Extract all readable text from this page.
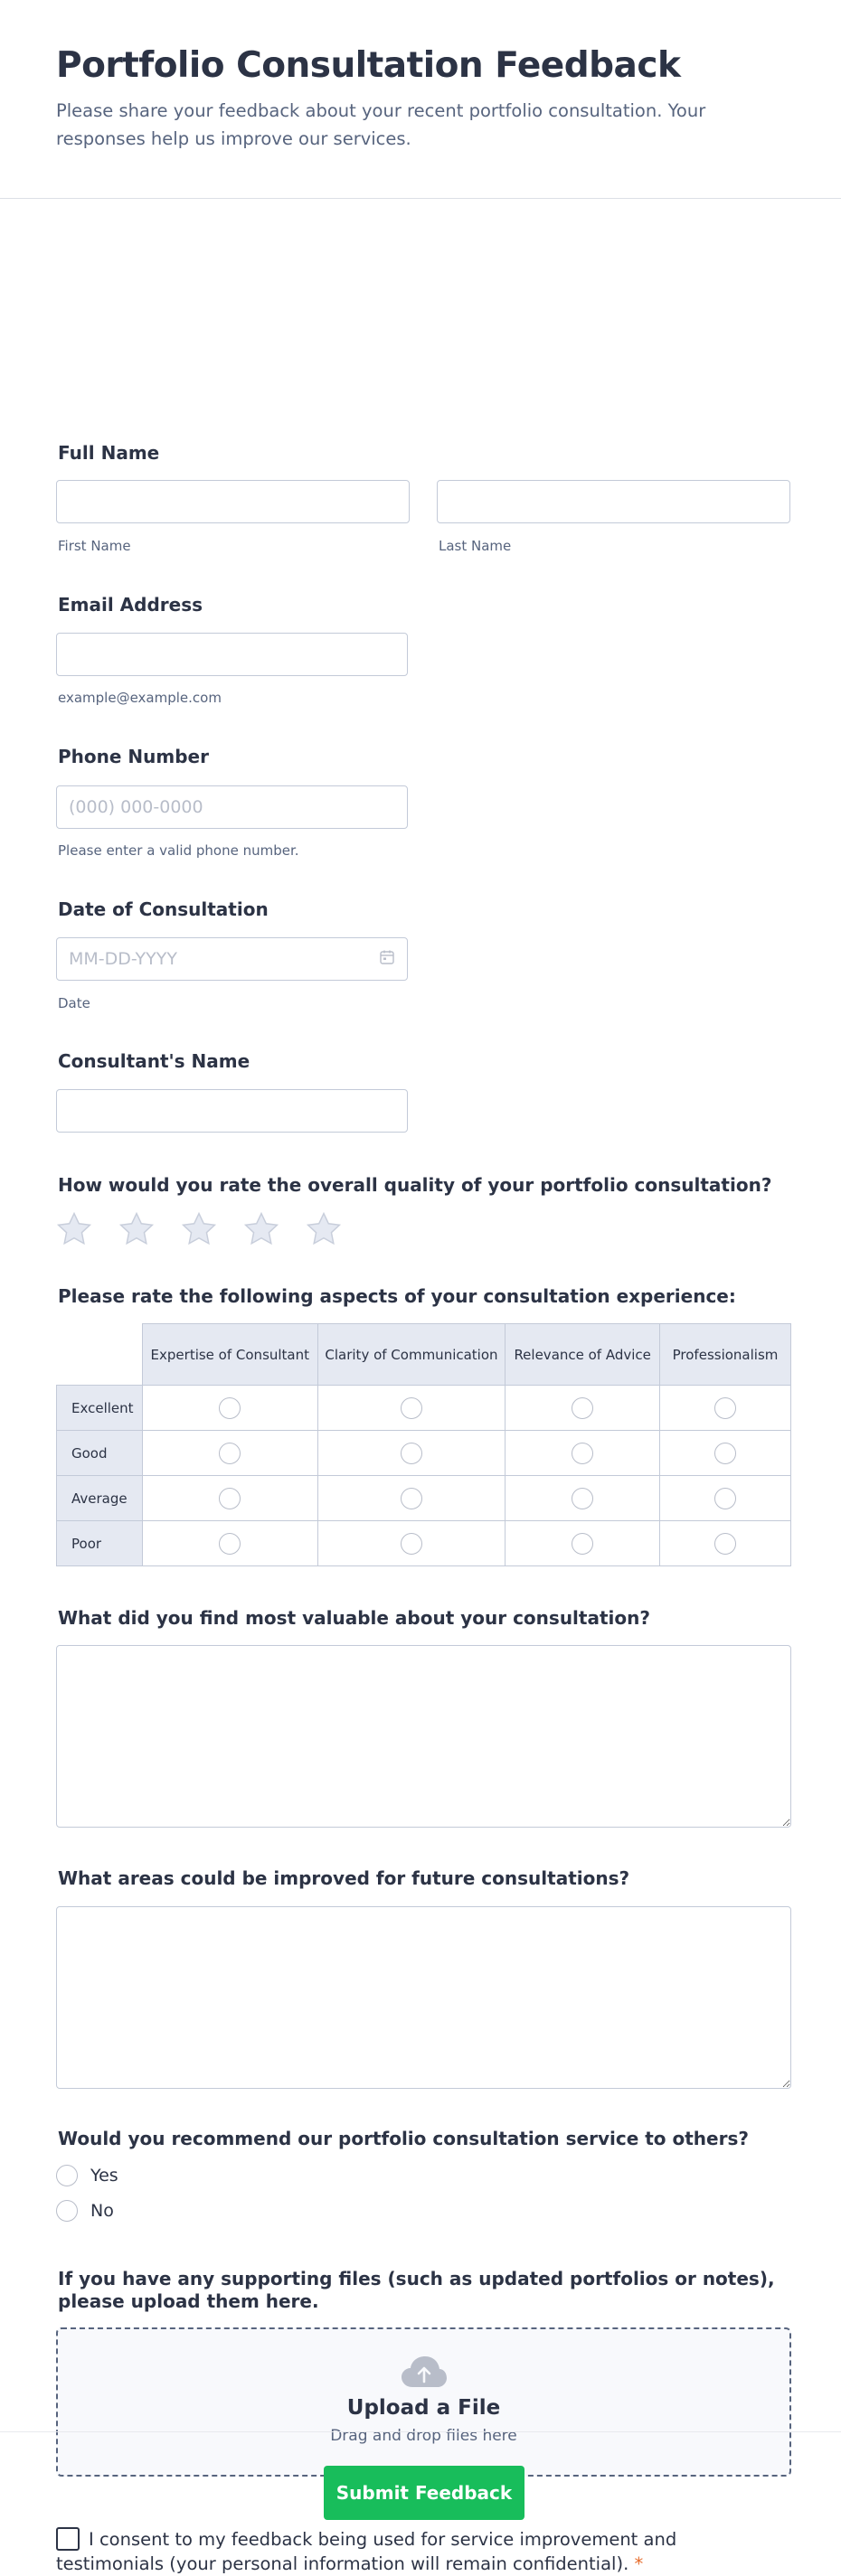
Portfolio Consultation Feedback

Please share your feedback about your recent portfolio consultation. Your responses help us improve our services.

Full Name
First Name	Last Name
Email Address
example@example.com
Phone Number
(000) 000-0000
Please enter a valid phone number.
Date of Consultation
MM-DD-YYYY
Date
Consultant's Name
How would you rate the overall quality of your portfolio consultation?
Please rate the following aspects of your consultation experience:
	Expertise of Consultant	Clarity of Communication	Relevance of Advice	Professionalism
Excellent				
Good				
Average				
Poor				
What did you find most valuable about your consultation?
What areas could be improved for future consultations?
Would you recommend our portfolio consultation service to others?
Yes
No
If you have any supporting files (such as updated portfolios or notes), please upload them here.
Upload a File
Drag and drop files here
I consent to my feedback being used for service improvement and testimonials (your personal information will remain confidential). *
Submit Feedback
